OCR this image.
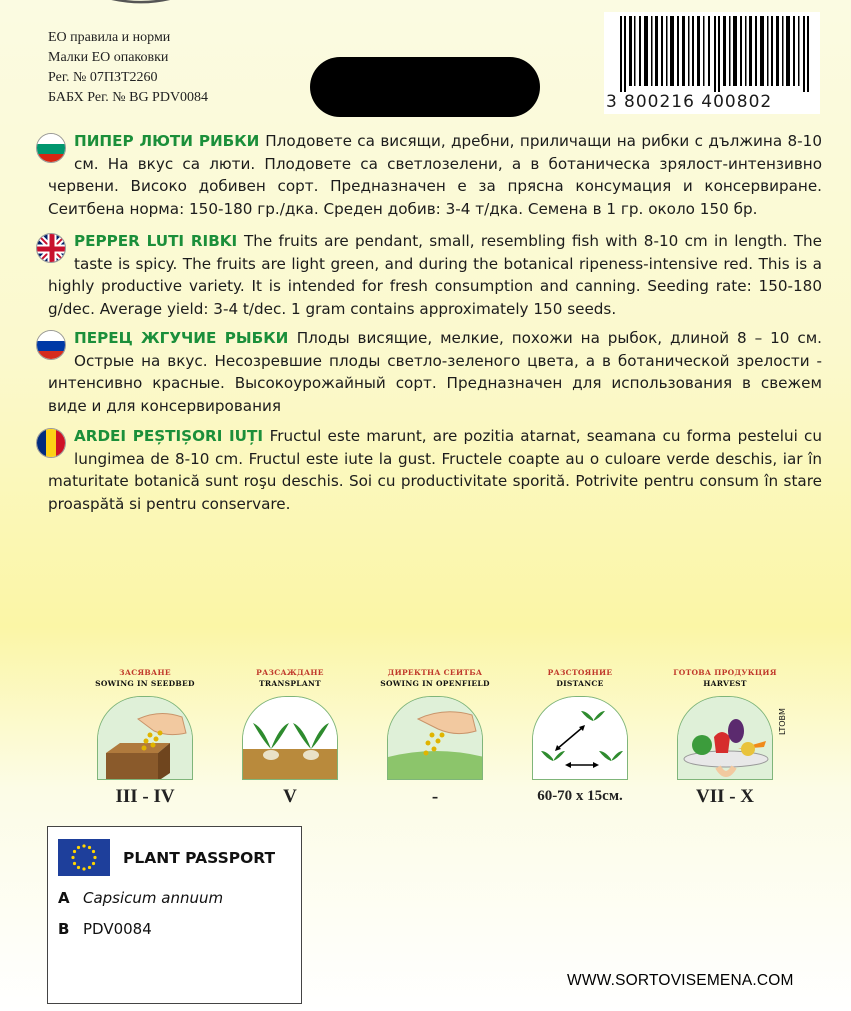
ЕО правила и норми
Малки ЕО опаковки
Рег. № 07ПЗТ2260
БАБХ Рег. № BG PDV0084	3 800216 400802
ПИПЕР ЛЮТИ РИБКИ Плодовете са висящи, дребни, приличащи на рибки с дължина 8-10 см. На вкус са люти. Плодовете са светлозелени, а в ботаническа зрялост-интензивно червени. Високо добивен сорт. Предназначен е за прясна консумация и консервиране. Сеитбена норма: 150-180 гр./дка. Среден добив: 3-4 т/дка. Семена в 1 гр. около 150 бр.
PEPPER LUTI RIBKI The fruits are pendant, small, resembling fish with 8-10 cm in length. The taste is spicy. The fruits are light green, and during the botanical ripeness-intensive red. This is a highly productive variety. It is intended for fresh consumption and canning. Seeding rate: 150-180 g/dec. Average yield: 3-4 t/dec. 1 gram contains approximately 150 seeds.
ПЕРЕЦ ЖГУЧИЕ РЫБКИ Плоды висящие, мелкие, похожи на рыбок, длиной 8 – 10 см. Острые на вкус. Несозревшие плоды светло-зеленого цвета, а в ботанической зрелости - интенсивно красные. Высокоурожайный сорт. Предназначен для использования в свежем виде и для консервирования
ARDEI PEȘTIȘORI IUȚI Fructul este marunt, are pozitia atarnat, seamana cu forma pestelui cu lungimea de 8-10 cm. Fructul este iute la gust. Fructele coapte au o culoare verde deschis, iar în maturitate botanică sunt roşu deschis. Soi cu productivitate sporită. Potrivite pentru consum în stare proaspătă si pentru conservare.
ЗАСЯВАНЕ
SOWING IN SEEDBED
III - IV
РАЗСАЖДАНЕ
TRANSPLANT
V
ДИРЕКТНА СЕИТБА
SOWING IN OPENFIELD
-
РАЗСТОЯНИЕ
DISTANCE
60-70 x 15см.
ГОТОВА ПРОДУКЦИЯ
HARVEST
VII - X
LTOBM
PLANT PASSPORT
A Capsicum annuum
B PDV0084
WWW.SORTOVISEMENA.COM
